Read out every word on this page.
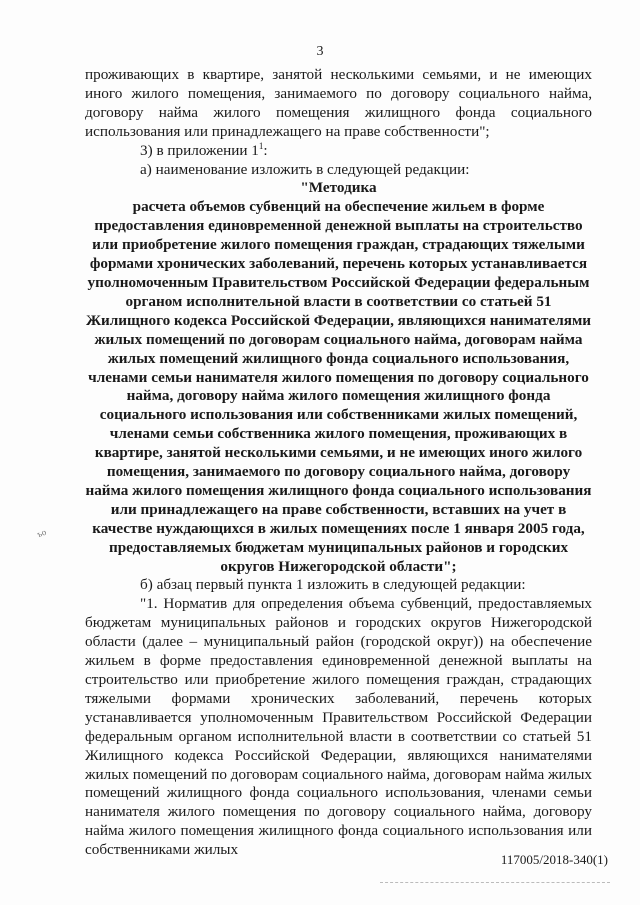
3

проживающих в квартире, занятой несколькими семьями, и не имеющих иного жилого помещения, занимаемого по договору социального найма, договору найма жилого помещения жилищного фонда социального использования или принадлежащего на праве собственности";

3) в приложении $1^1$:

а) наименование изложить в следующей редакции:

"Методика

расчета объемов субвенций на обеспечение жильем в форме предоставления единовременной денежной выплаты на строительство или приобретение жилого помещения граждан, страдающих тяжелыми формами хронических заболеваний, перечень которых устанавливается уполномоченным Правительством Российской Федерации федеральным органом исполнительной власти в соответствии со статьей 51 Жилищного кодекса Российской Федерации, являющихся нанимателями жилых помещений по договорам социального найма, договорам найма жилых помещений жилищного фонда социального использования, членами семьи нанимателя жилого помещения по договору социального найма, договору найма жилого помещения жилищного фонда социального использования или собственниками жилых помещений, членами семьи собственника жилого помещения, проживающих в квартире, занятой несколькими семьями, и не имеющих иного жилого помещения, занимаемого по договору социального найма, договору найма жилого помещения жилищного фонда социального использования или принадлежащего на праве собственности, вставших на учет в качестве нуждающихся в жилых помещениях после 1 января 2005 года, предоставляемых бюджетам муниципальных районов и городских округов Нижегородской области";

б) абзац первый пункта 1 изложить в следующей редакции:

"1. Норматив для определения объема субвенций, предоставляемых бюджетам муниципальных районов и городских округов Нижегородской области (далее – муниципальный район (городской округ)) на обеспечение жильем в форме предоставления единовременной денежной выплаты на строительство или приобретение жилого помещения граждан, страдающих тяжелыми формами хронических заболеваний, перечень которых устанавливается уполномоченным Правительством Российской Федерации федеральным органом исполнительной власти в соответствии со статьей 51 Жилищного кодекса Российской Федерации, являющихся нанимателями жилых помещений по договорам социального найма, договорам найма жилых помещений жилищного фонда социального использования, членами семьи нанимателя жилого помещения по договору социального найма, договору найма жилого помещения жилищного фонда социального использования или собственниками жилых

ъо
117005/2018-340(1)
